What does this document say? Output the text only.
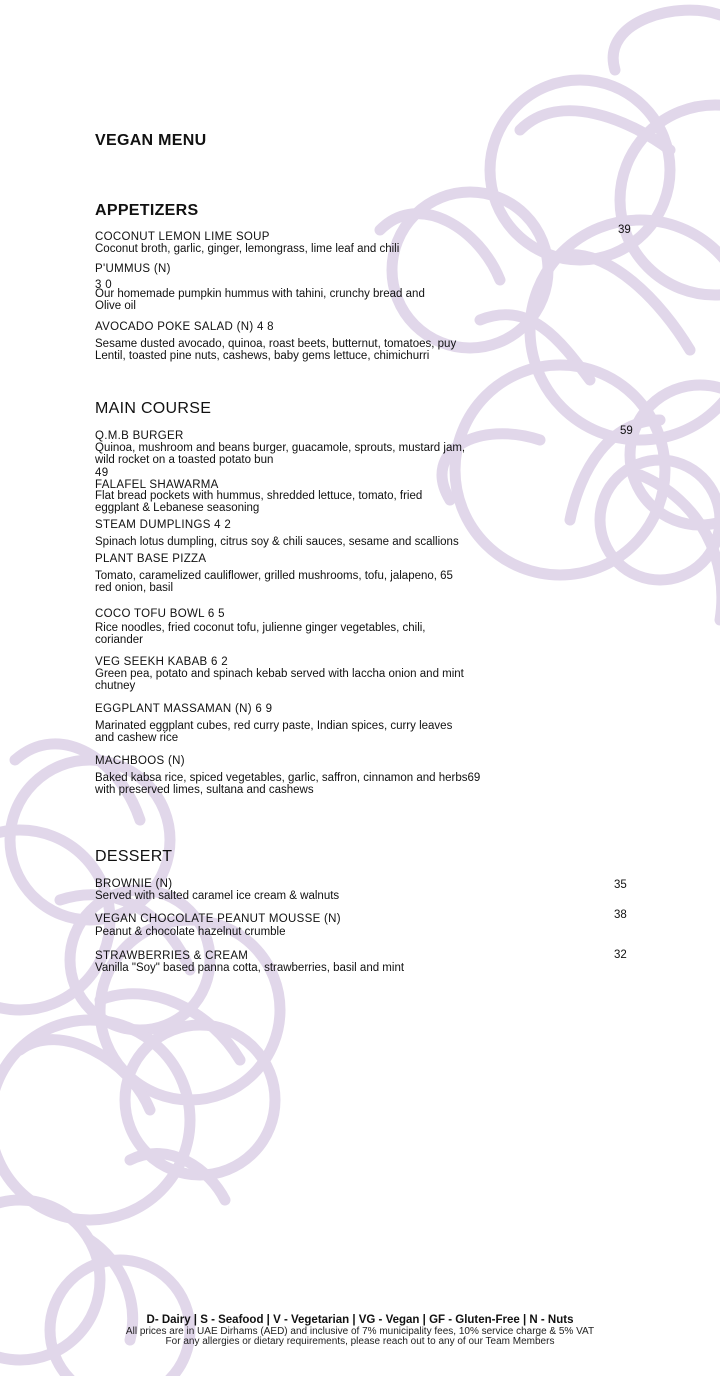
VEGAN MENU
APPETIZERS
COCONUT LEMON LIME SOUP
Coconut broth, garlic, ginger, lemongrass, lime leaf and chili
39
P'UMMUS (N)
3 0
Our homemade pumpkin hummus with tahini, crunchy bread and
Olive oil
AVOCADO POKE SALAD (N) 4 8
Sesame dusted avocado, quinoa, roast beets, butternut, tomatoes, puy
Lentil, toasted pine nuts, cashews, baby gems lettuce, chimichurri
MAIN COURSE
Q.M.B BURGER
Quinoa, mushroom and beans burger, guacamole, sprouts, mustard jam,
wild rocket on a toasted potato bun
59
49
FALAFEL SHAWARMA
Flat bread pockets with hummus, shredded lettuce, tomato, fried
eggplant & Lebanese seasoning
STEAM DUMPLINGS 4 2
Spinach lotus dumpling, citrus soy & chili sauces, sesame and scallions
PLANT BASE PIZZA
Tomato, caramelized cauliflower, grilled mushrooms, tofu, jalapeno, 65
red onion, basil
COCO TOFU BOWL 6 5
Rice noodles, fried coconut tofu, julienne ginger vegetables, chili,
coriander
VEG SEEKH KABAB 6 2
Green pea, potato and spinach kebab served with laccha onion and mint
chutney
EGGPLANT MASSAMAN (N) 6 9
Marinated eggplant cubes, red curry paste, Indian spices, curry leaves
and cashew rice
MACHBOOS (N)
Baked kabsa rice, spiced vegetables, garlic, saffron, cinnamon and herbs69
with preserved limes, sultana and cashews
DESSERT
BROWNIE (N)
Served with salted caramel ice cream & walnuts
35
VEGAN CHOCOLATE PEANUT MOUSSE (N)
Peanut & chocolate hazelnut crumble
38
STRAWBERRIES & CREAM
Vanilla "Soy" based panna cotta, strawberries, basil and mint
32
D- Dairy | S - Seafood | V - Vegetarian | VG - Vegan | GF - Gluten-Free | N - Nuts
All prices are in UAE Dirhams (AED) and inclusive of 7% municipality fees, 10% service charge & 5% VAT
For any allergies or dietary requirements, please reach out to any of our Team Members
